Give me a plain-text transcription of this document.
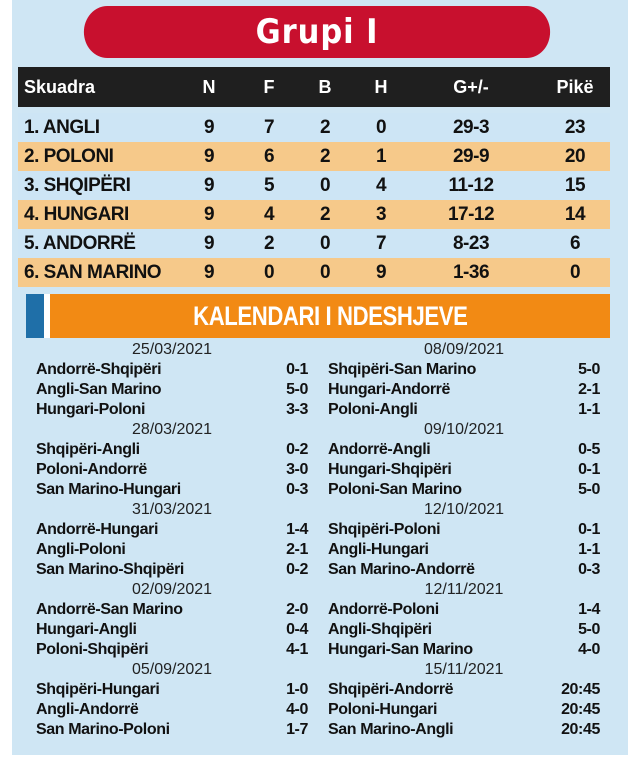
Grupi I
Skuadra	N	F	B	H	G+/-	Pikë
1. ANGLI	9	7	2	0	29-3	23
2. POLONI	9	6	2	1	29-9	20
3. SHQIPËRI	9	5	0	4	11-12	15
4. HUNGARI	9	4	2	3	17-12	14
5. ANDORRË	9	2	0	7	8-23	6
6. SAN MARINO	9	0	0	9	1-36	0
KALENDARI I NDESHJEVE
25/03/2021
Andorrë-Shqipëri	0-1
Angli-San Marino	5-0
Hungari-Poloni	3-3
28/03/2021
Shqipëri-Angli	0-2
Poloni-Andorrë	3-0
San Marino-Hungari	0-3
31/03/2021
Andorrë-Hungari	1-4
Angli-Poloni	2-1
San Marino-Shqipëri	0-2
02/09/2021
Andorrë-San Marino	2-0
Hungari-Angli	0-4
Poloni-Shqipëri	4-1
05/09/2021
Shqipëri-Hungari	1-0
Angli-Andorrë	4-0
San Marino-Poloni	1-7
08/09/2021
Shqipëri-San Marino	5-0
Hungari-Andorrë	2-1
Poloni-Angli	1-1
09/10/2021
Andorrë-Angli	0-5
Hungari-Shqipëri	0-1
Poloni-San Marino	5-0
12/10/2021
Shqipëri-Poloni	0-1
Angli-Hungari	1-1
San Marino-Andorrë	0-3
12/11/2021
Andorrë-Poloni	1-4
Angli-Shqipëri	5-0
Hungari-San Marino	4-0
15/11/2021
Shqipëri-Andorrë	20:45
Poloni-Hungari	20:45
San Marino-Angli	20:45
